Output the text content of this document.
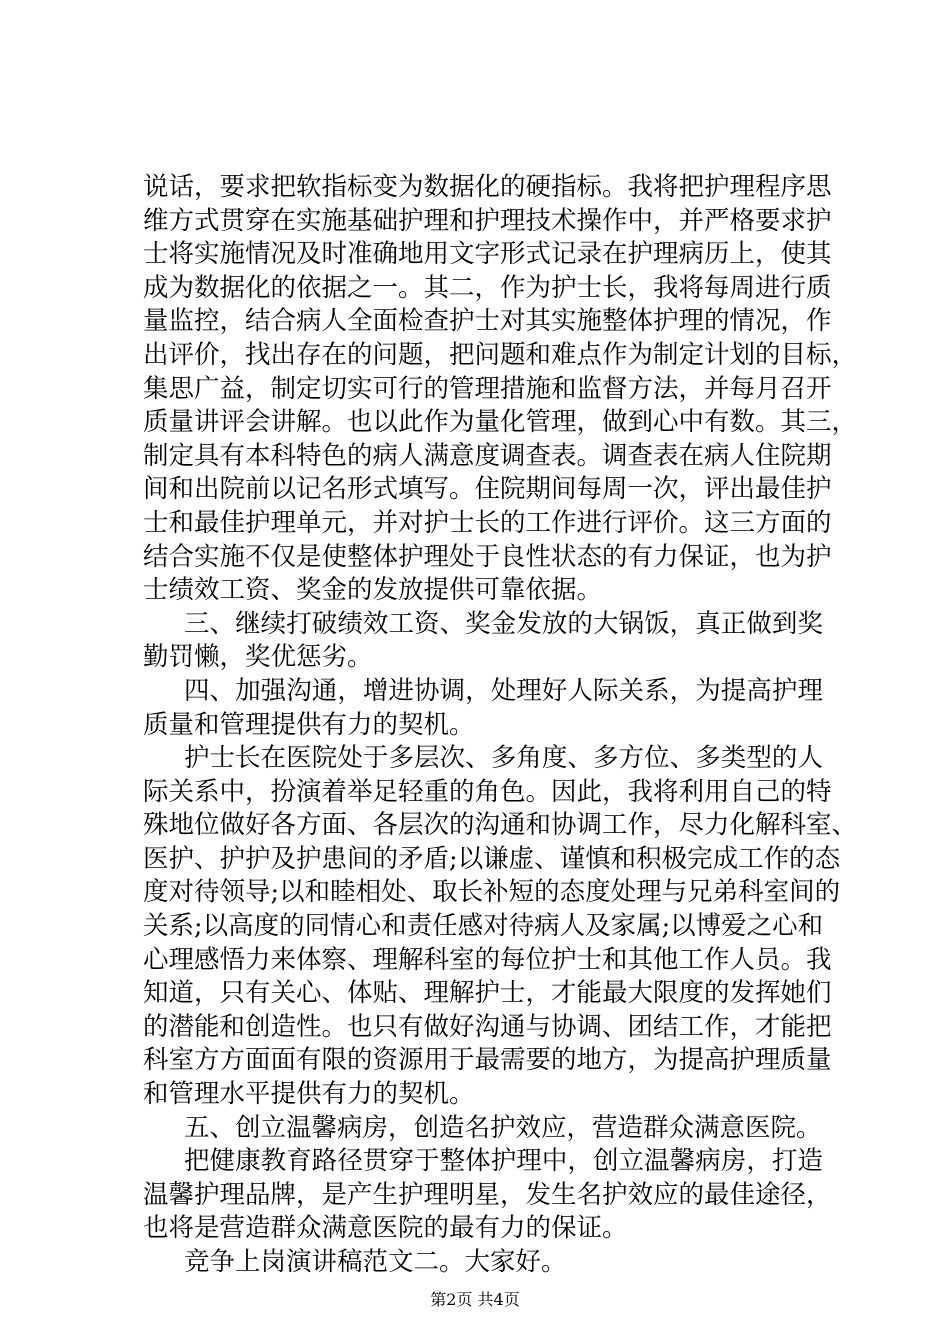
说话，要求把软指标变为数据化的硬指标。我将把护理程序思
维方式贯穿在实施基础护理和护理技术操作中，并严格要求护
士将实施情况及时准确地用文字形式记录在护理病历上，使其
成为数据化的依据之一。其二，作为护士长，我将每周进行质
量监控，结合病人全面检查护士对其实施整体护理的情况，作
出评价，找出存在的问题，把问题和难点作为制定计划的目标，
集思广益，制定切实可行的管理措施和监督方法，并每月召开
质量讲评会讲解。也以此作为量化管理，做到心中有数。其三，
制定具有本科特色的病人满意度调查表。调查表在病人住院期
间和出院前以记名形式填写。住院期间每周一次，评出最佳护
士和最佳护理单元，并对护士长的工作进行评价。这三方面的
结合实施不仅是使整体护理处于良性状态的有力保证，也为护
士绩效工资、奖金的发放提供可靠依据。
三、继续打破绩效工资、奖金发放的大锅饭，真正做到奖
勤罚懒，奖优惩劣。
四、加强沟通，增进协调，处理好人际关系，为提高护理
质量和管理提供有力的契机。
护士长在医院处于多层次、多角度、多方位、多类型的人
际关系中，扮演着举足轻重的角色。因此，我将利用自己的特
殊地位做好各方面、各层次的沟通和协调工作，尽力化解科室、
医护、护护及护患间的矛盾;以谦虚、谨慎和积极完成工作的态
度对待领导;以和睦相处、取长补短的态度处理与兄弟科室间的
关系;以高度的同情心和责任感对待病人及家属;以博爱之心和
心理感悟力来体察、理解科室的每位护士和其他工作人员。我
知道，只有关心、体贴、理解护士，才能最大限度的发挥她们
的潜能和创造性。也只有做好沟通与协调、团结工作，才能把
科室方方面面有限的资源用于最需要的地方，为提高护理质量
和管理水平提供有力的契机。
五、创立温馨病房，创造名护效应，营造群众满意医院。
把健康教育路径贯穿于整体护理中，创立温馨病房，打造
温馨护理品牌，是产生护理明星，发生名护效应的最佳途径，
也将是营造群众满意医院的最有力的保证。
竞争上岗演讲稿范文二。大家好。
第2页 共4页
